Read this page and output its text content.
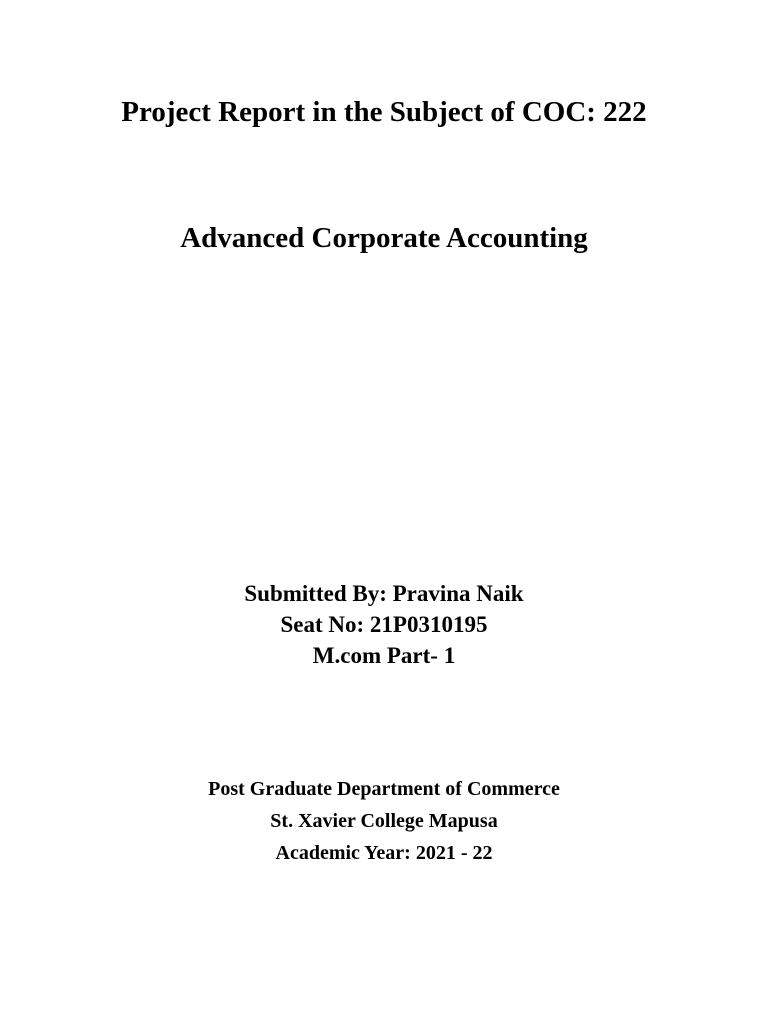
Project Report in the Subject of COC: 222
Advanced Corporate Accounting
Submitted By: Pravina Naik
Seat No: 21P0310195
M.com Part- 1
Post Graduate Department of Commerce
St. Xavier College Mapusa
Academic Year: 2021 - 22
